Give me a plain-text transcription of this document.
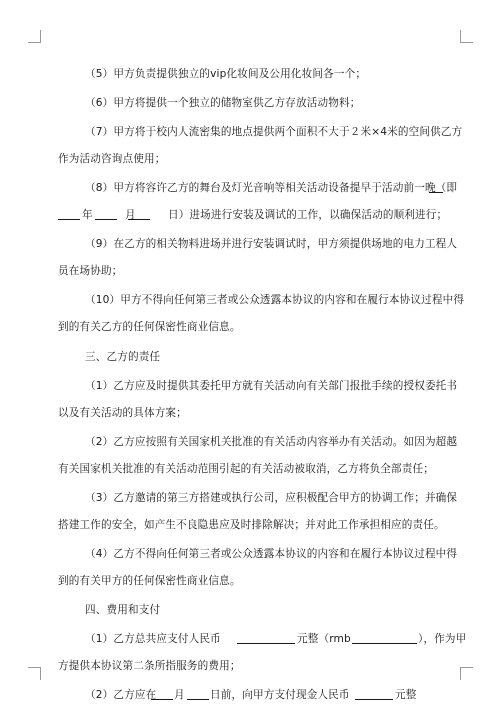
（5）甲方负责提供独立的vip化妆间及公用化妆间各一个；
（6）甲方将提供一个独立的储物室供乙方存放活动物料；
（7）甲方将于校内人流密集的地点提供两个面积不大于２米×4米的空间供乙方
作为活动咨询点使用；
（8）甲方将容许乙方的舞台及灯光音响等相关活动设备提早于活动前一晚（即
年　　　月　　　日）进场进行安装及调试的工作，以确保活动的顺利进行；
（9）在乙方的相关物料进场并进行安装调试时，甲方须提供场地的电力工程人
员在场协助；
（10）甲方不得向任何第三者或公众透露本协议的内容和在履行本协议过程中得
到的有关乙方的任何保密性商业信息。
三、乙方的责任
（1）乙方应及时提供其委托甲方就有关活动向有关部门报批手续的授权委托书
以及有关活动的具体方案；
（2）乙方应按照有关国家机关批准的有关活动内容举办有关活动。如因为超越
有关国家机关批准的有关活动范围引起的有关活动被取消，乙方将负全部责任；
（3）乙方邀请的第三方搭建或执行公司，应积极配合甲方的协调工作；并确保
搭建工作的安全，如产生不良隐患应及时排除解决；并对此工作承担相应的责任。
（4）乙方不得向任何第三者或公众透露本协议的内容和在履行本协议过程中得
到的有关甲方的任何保密性商业信息。
四、费用和支付
（1）乙方总共应支付人民币	元整（rmb	），作为甲
方提供本协议第二条所指服务的费用；
（2）乙方应在 月 日前，向甲方支付现金人民币	元整
